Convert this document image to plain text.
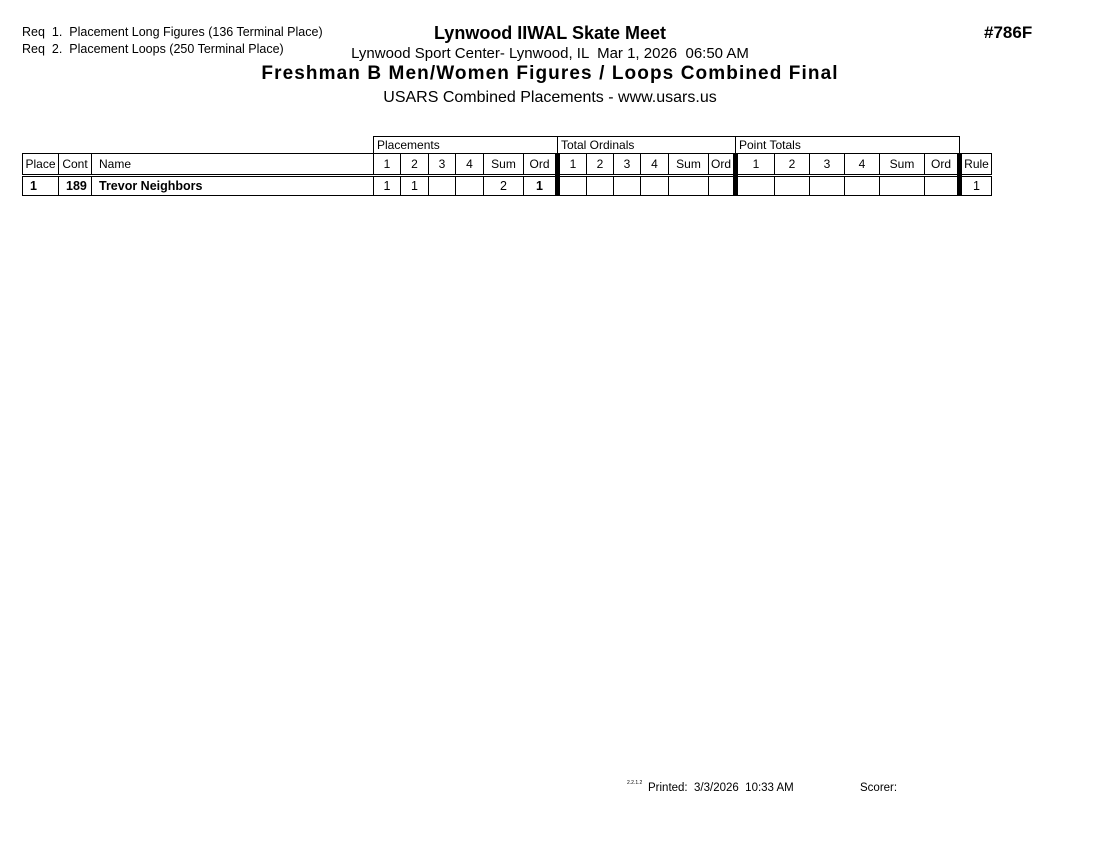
Req  1.  Placement Long Figures (136 Terminal Place)
Req  2.  Placement Loops (250 Terminal Place)
Lynwood IIWAL Skate Meet
Lynwood Sport Center- Lynwood, IL  Mar 1, 2026  06:50 AM
Freshman B Men/Women Figures / Loops Combined Final
USARS Combined Placements - www.usars.us
#786F
			Placements						Total Ordinals						Point Totals						
Place	Cont	Name	1	2	3	4	Sum	Ord	1	2	3	4	Sum	Ord	1	2	3	4	Sum	Ord	Rule
1	189	Trevor Neighbors	1	1			2	1													1
2.2.1.2 Printed:  3/3/2026  10:33 AM	Scorer:
